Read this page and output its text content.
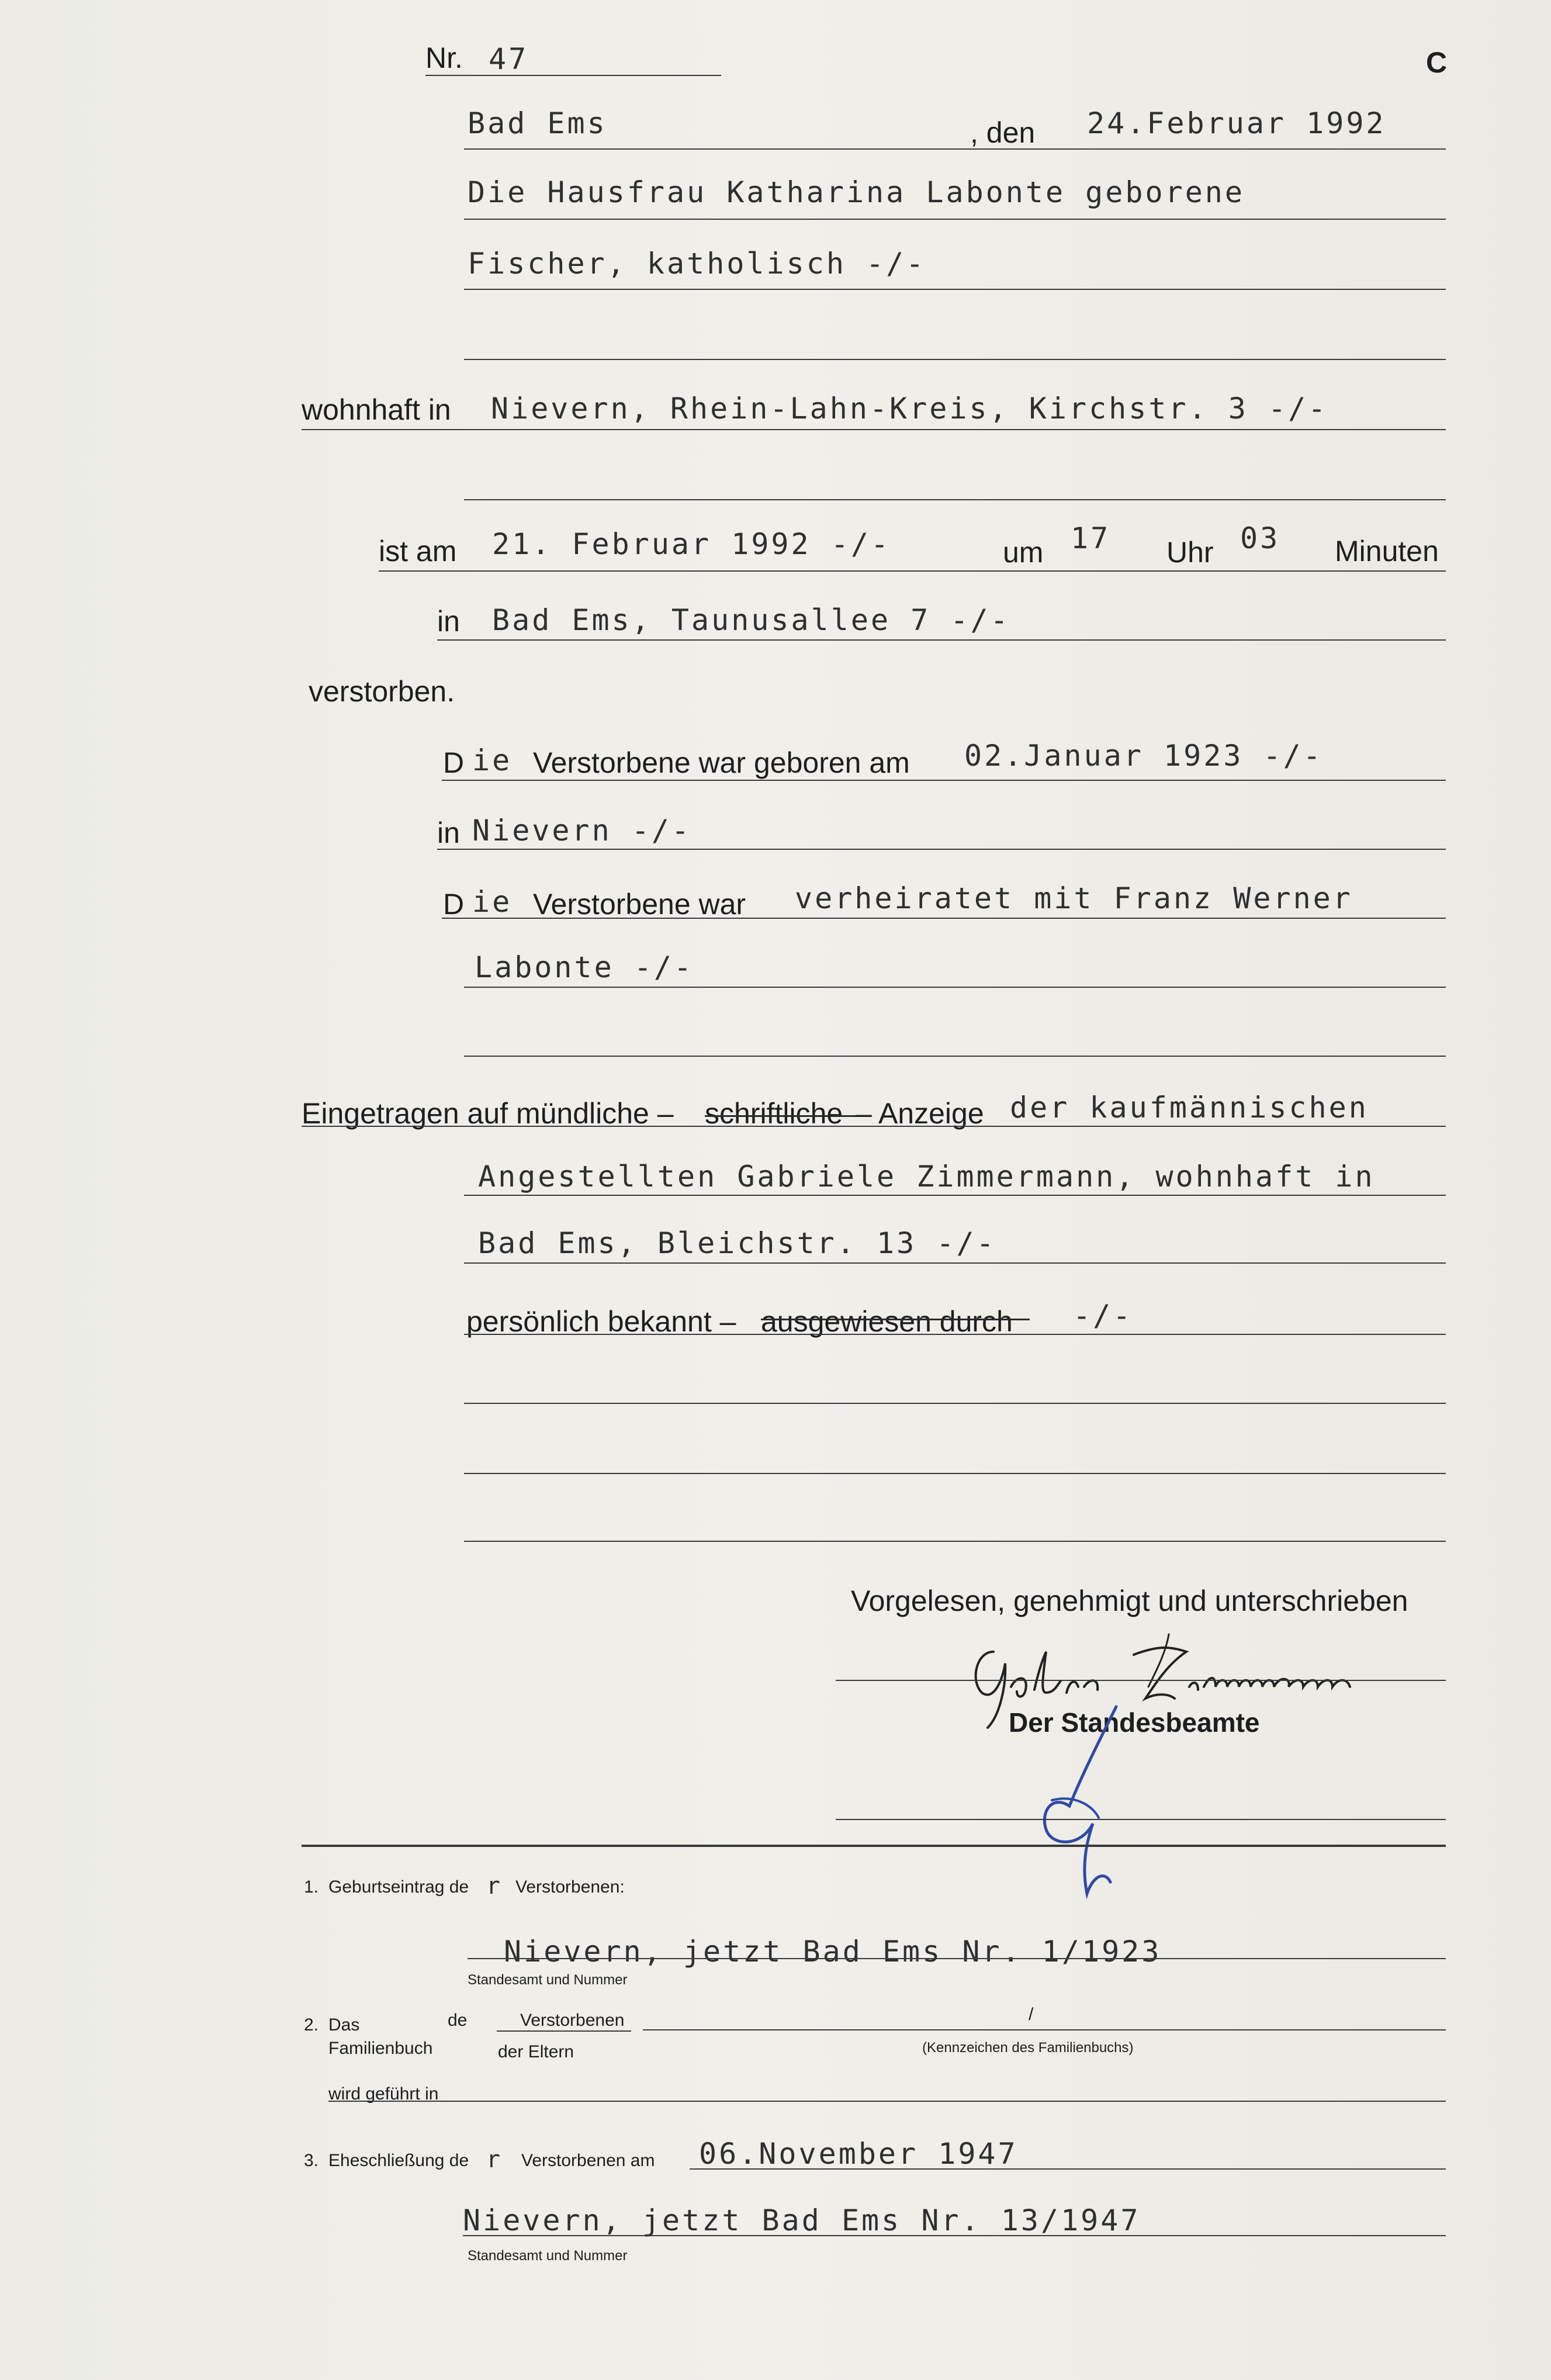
Nr. 47	C
Bad Ems	, den 24.Februar 1992
Die Hausfrau Katharina Labonte geborene
Fischer, katholisch -/-
wohnhaft in Nievern, Rhein-Lahn-Kreis, Kirchstr. 3 -/-
ist am 21. Februar 1992 -/-	um 17 Uhr 03 Minuten
in Bad Ems, Taunusallee 7 -/-
verstorben.
D ie Verstorbene war geboren am 02.Januar 1923 -/-
in Nievern -/-
D ie Verstorbene war verheiratet mit Franz Werner
Labonte -/-
Eingetragen auf mündliche – schriftliche – Anzeige der kaufmännischen
Angestellten Gabriele Zimmermann, wohnhaft in
Bad Ems, Bleichstr. 13 -/-
persönlich bekannt – ausgewiesen durch -/-
Vorgelesen, genehmigt und unterschrieben
Der Standesbeamte
1. Geburtseintrag de r Verstorbenen:
Nievern, jetzt Bad Ems Nr. 1/1923
Standesamt und Nummer
2. Das
Familienbuch
de	Verstorbenen
der Eltern
/
(Kennzeichen des Familienbuchs)
wird geführt in
3. Eheschließung de r Verstorbenen am 06.November 1947
Nievern, jetzt Bad Ems Nr. 13/1947
Standesamt und Nummer
